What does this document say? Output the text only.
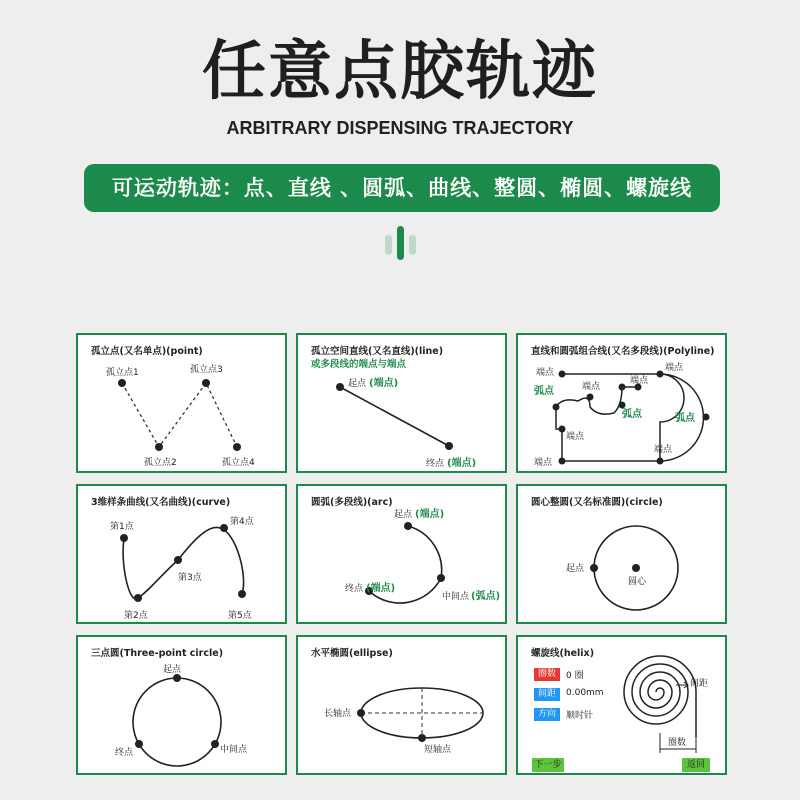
任意点胶轨迹
ARBITRARY DISPENSING TRAJECTORY
可运动轨迹：点、直线 、圆弧、曲线、整圆、椭圆、螺旋线
孤立点(又名单点)(point)
孤立点1
孤立点2
孤立点3
孤立点4
孤立空间直线(又名直线)(line)
或多段线的端点与端点
起点 (端点)
终点 (端点)
直线和圆弧组合线(又名多段线)(Polyline)
端点
端点
端点
端点
端点
端点
端点
弧点
弧点	弧点
3维样条曲线(又名曲线)(curve)
第1点
第2点
第3点
第4点
第5点
圆弧(多段线)(arc)
起点 (端点)
终点 (端点)
中间点 (弧点)
圆心整圆(又名标准圆)(circle)
起点
圆心
三点圆(Three-point circle)
起点
终点	中间点
水平椭圆(ellipse)
长轴点
短轴点
螺旋线(helix)
圈数	0 圈
间距	0.00mm
方向	顺时针
间距
圈数
下一步	返回
